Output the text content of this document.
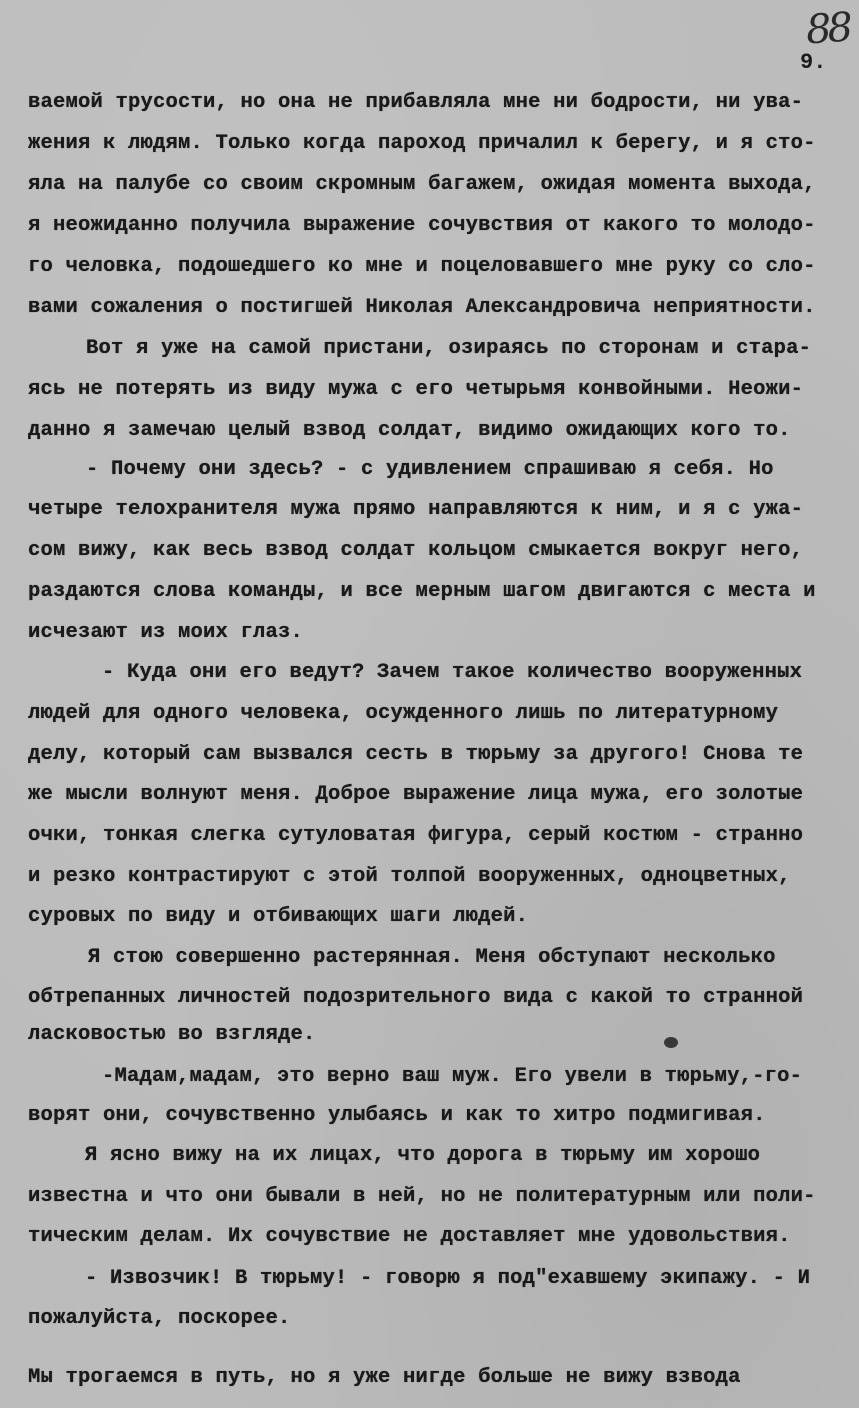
88
9.
ваемой трусости, но она не прибавляла мне ни бодрости, ни ува-
жения к людям. Только когда пароход причалил к берегу, и я сто-
яла на палубе со своим скромным багажем, ожидая момента выхода,
я неожиданно получила выражение сочувствия от какого то молодо-
го человка, подошедшего ко мне и поцеловавшего мне руку со сло-
вами сожаления о постигшей Николая Александровича неприятности.
Вот я уже на самой пристани, озираясь по сторонам и стара-
ясь не потерять из виду мужа с его четырьмя конвойными. Неожи-
данно я замечаю целый взвод солдат, видимо ожидающих кого то.
- Почему они здесь? - с удивлением спрашиваю я себя. Но
четыре телохранителя мужа прямо направляются к ним, и я с ужа-
сом вижу, как весь взвод солдат кольцом смыкается вокруг него,
раздаются слова команды, и все мерным шагом двигаются с места и
исчезают из моих глаз.
- Куда они его ведут? Зачем такое количество вооруженных
людей для одного человека, осужденного лишь по литературному
делу, который сам вызвался сесть в тюрьму за другого! Снова те
же мысли волнуют меня. Доброе выражение лица мужа, его золотые
очки, тонкая слегка сутуловатая фигура, серый костюм - странно
и резко контрастируют с этой толпой вооруженных, одноцветных,
суровых по виду и отбивающих шаги людей.
Я стою совершенно растерянная. Меня обступают несколько
обтрепанных личностей подозрительного вида с какой то странной
ласковостью во взгляде.
-Мадам,мадам, это верно ваш муж. Его увели в тюрьму,-го-
ворят они, сочувственно улыбаясь и как то хитро подмигивая.
Я ясно вижу на их лицах, что дорога в тюрьму им хорошо
известна и что они бывали в ней, но не политературным или поли-
тическим делам. Их сочувствие не доставляет мне удовольствия.
- Извозчик! В тюрьму! - говорю я под"ехавшему экипажу. - И
пожалуйста, поскорее.
Мы трогаемся в путь, но я уже нигде больше не вижу взвода
